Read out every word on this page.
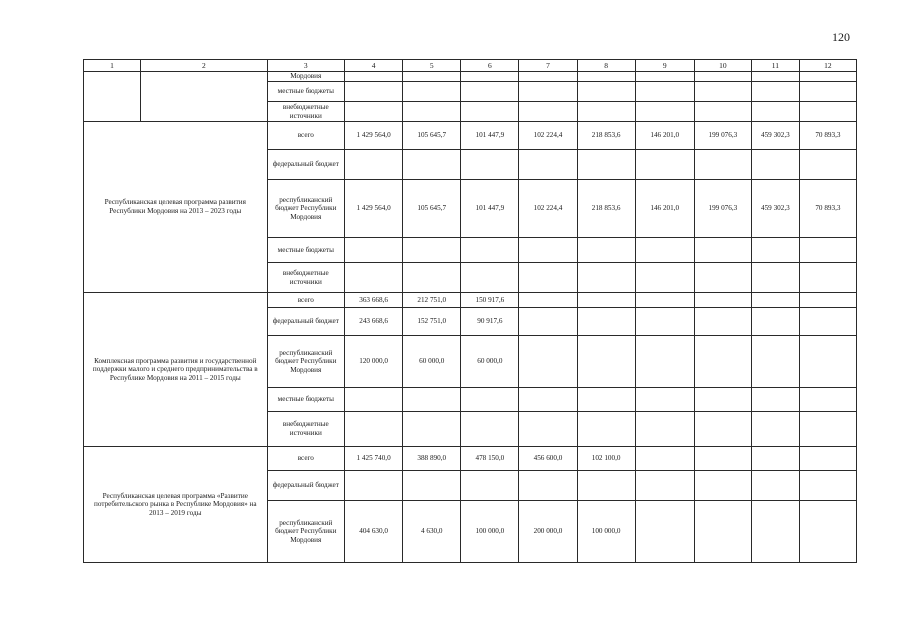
120
1	2	3	4	5	6	7	8	9	10	11	12
		Мордовия									
		местные бюджеты									
		внебюджетные источники									
Республиканская целевая программа развития Республики Мордовия на 2013 – 2023 годы		всего	1 429 564,0	105 645,7	101 447,9	102 224,4	218 853,6	146 201,0	199 076,3	459 302,3	70 893,3
		федеральный бюджет									
		республиканский бюджет Республики Мордовия	1 429 564,0	105 645,7	101 447,9	102 224,4	218 853,6	146 201,0	199 076,3	459 302,3	70 893,3
		местные бюджеты									
		внебюджетные источники									
Комплексная программа развития и государственной поддержки малого и среднего предпринимательства в Республике Мордовия на 2011 – 2015 годы		всего	363 668,6	212 751,0	150 917,6						
		федеральный бюджет	243 668,6	152 751,0	90 917,6						
		республиканский бюджет Республики Мордовия	120 000,0	60 000,0	60 000,0						
		местные бюджеты									
		внебюджетные источники									
Республиканская целевая программа «Развитие потребительского рынка в Республике Мордовия» на 2013 – 2019 годы		всего	1 425 740,0	388 890,0	478 150,0	456 600,0	102 100,0				
		федеральный бюджет									
		республиканский бюджет Республики Мордовия	404 630,0	4 630,0	100 000,0	200 000,0	100 000,0				
